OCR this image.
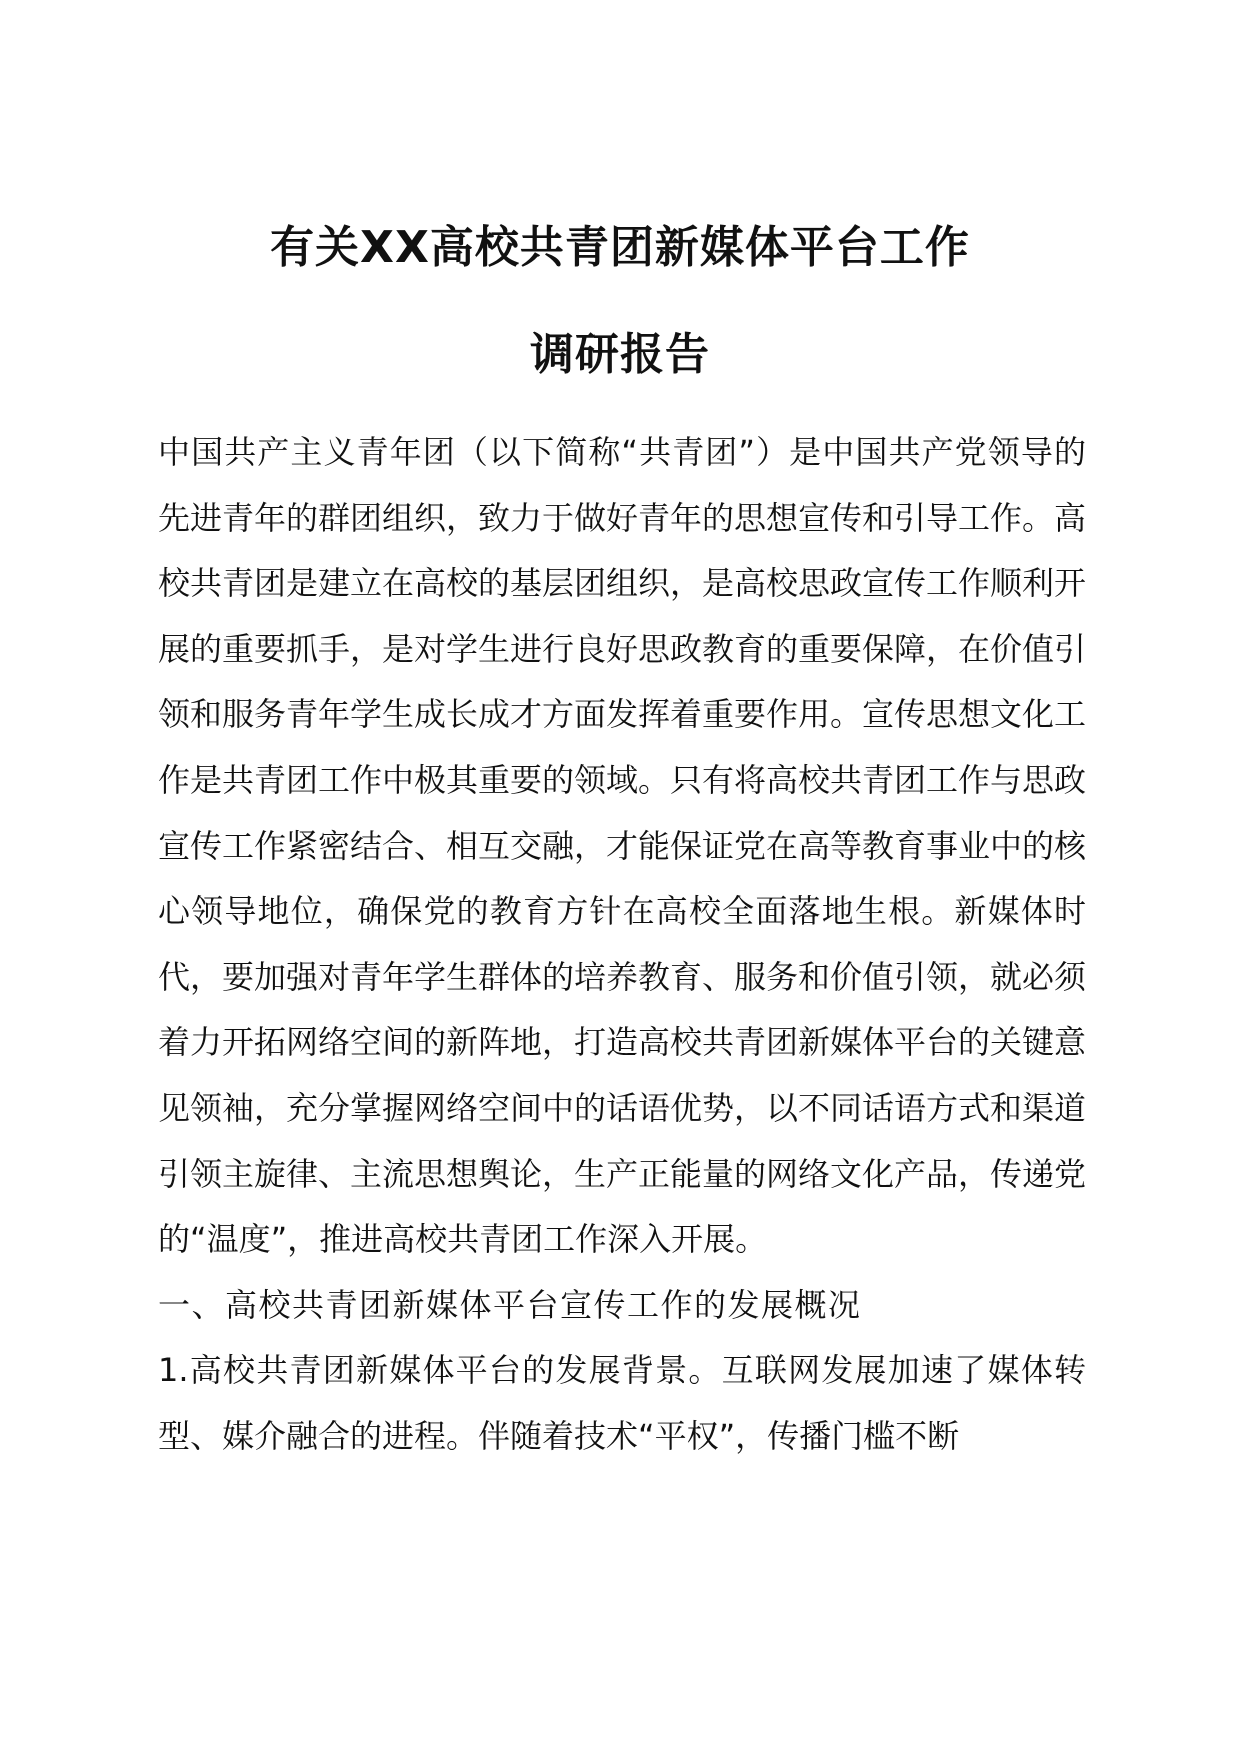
有关XX高校共青团新媒体平台工作
调研报告

中国共产主义青年团（以下简称“共青团”）是中国共产党领导的先进青年的群团组织，致力于做好青年的思想宣传和引导工作。高校共青团是建立在高校的基层团组织，是高校思政宣传工作顺利开展的重要抓手，是对学生进行良好思政教育的重要保障，在价值引领和服务青年学生成长成才方面发挥着重要作用。宣传思想文化工作是共青团工作中极其重要的领域。只有将高校共青团工作与思政宣传工作紧密结合、相互交融，才能保证党在高等教育事业中的核心领导地位，确保党的教育方针在高校全面落地生根。新媒体时代，要加强对青年学生群体的培养教育、服务和价值引领，就必须着力开拓网络空间的新阵地，打造高校共青团新媒体平台的关键意见领袖，充分掌握网络空间中的话语优势，以不同话语方式和渠道引领主旋律、主流思想舆论，生产正能量的网络文化产品，传递党的“温度”，推进高校共青团工作深入开展。

一、高校共青团新媒体平台宣传工作的发展概况

1.高校共青团新媒体平台的发展背景。互联网发展加速了媒体转型、媒介融合的进程。伴随着技术“平权”，传播门槛不断
